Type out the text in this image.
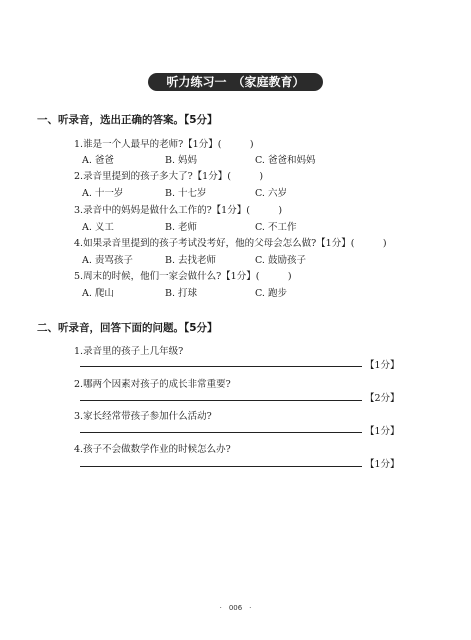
听力练习一　（家庭教育）
一、听录音，选出正确的答案。【5分】
1.谁是一个人最早的老师?【1分】(　　　)
A. 爸爸	B. 妈妈	C. 爸爸和妈妈
2.录音里提到的孩子多大了?【1分】(　　　)
A. 十一岁	B. 十七岁	C. 六岁
3.录音中的妈妈是做什么工作的?【1分】(　　　)
A. 义工	B. 老师	C. 不工作
4.如果录音里提到的孩子考试没考好，他的父母会怎么做?【1分】(　　　)
A. 责骂孩子	B. 去找老师	C. 鼓励孩子
5.周末的时候，他们一家会做什么?【1分】(　　　)
A. 爬山	B. 打球	C. 跑步
二、听录音，回答下面的问题。【5分】
1.录音里的孩子上几年级?
【1分】
2.哪两个因素对孩子的成长非常重要?
【2分】
3.家长经常带孩子参加什么活动?
【1分】
4.孩子不会做数学作业的时候怎么办?
【1分】
·　006　·
